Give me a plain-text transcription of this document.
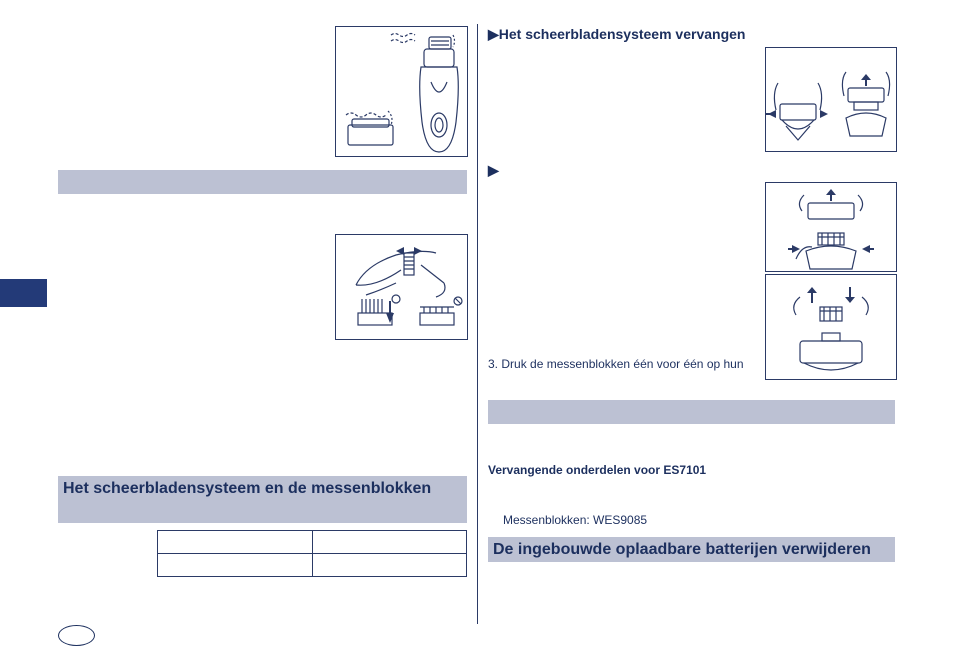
Het scheerbladensysteem en de messenblokken

▶Het scheerbladensysteem vervangen
▶
3. Druk de messenblokken één voor één op hun
Vervangende onderdelen voor ES7101
Messenblokken: WES9085
De ingebouwde oplaadbare batterijen verwijderen
